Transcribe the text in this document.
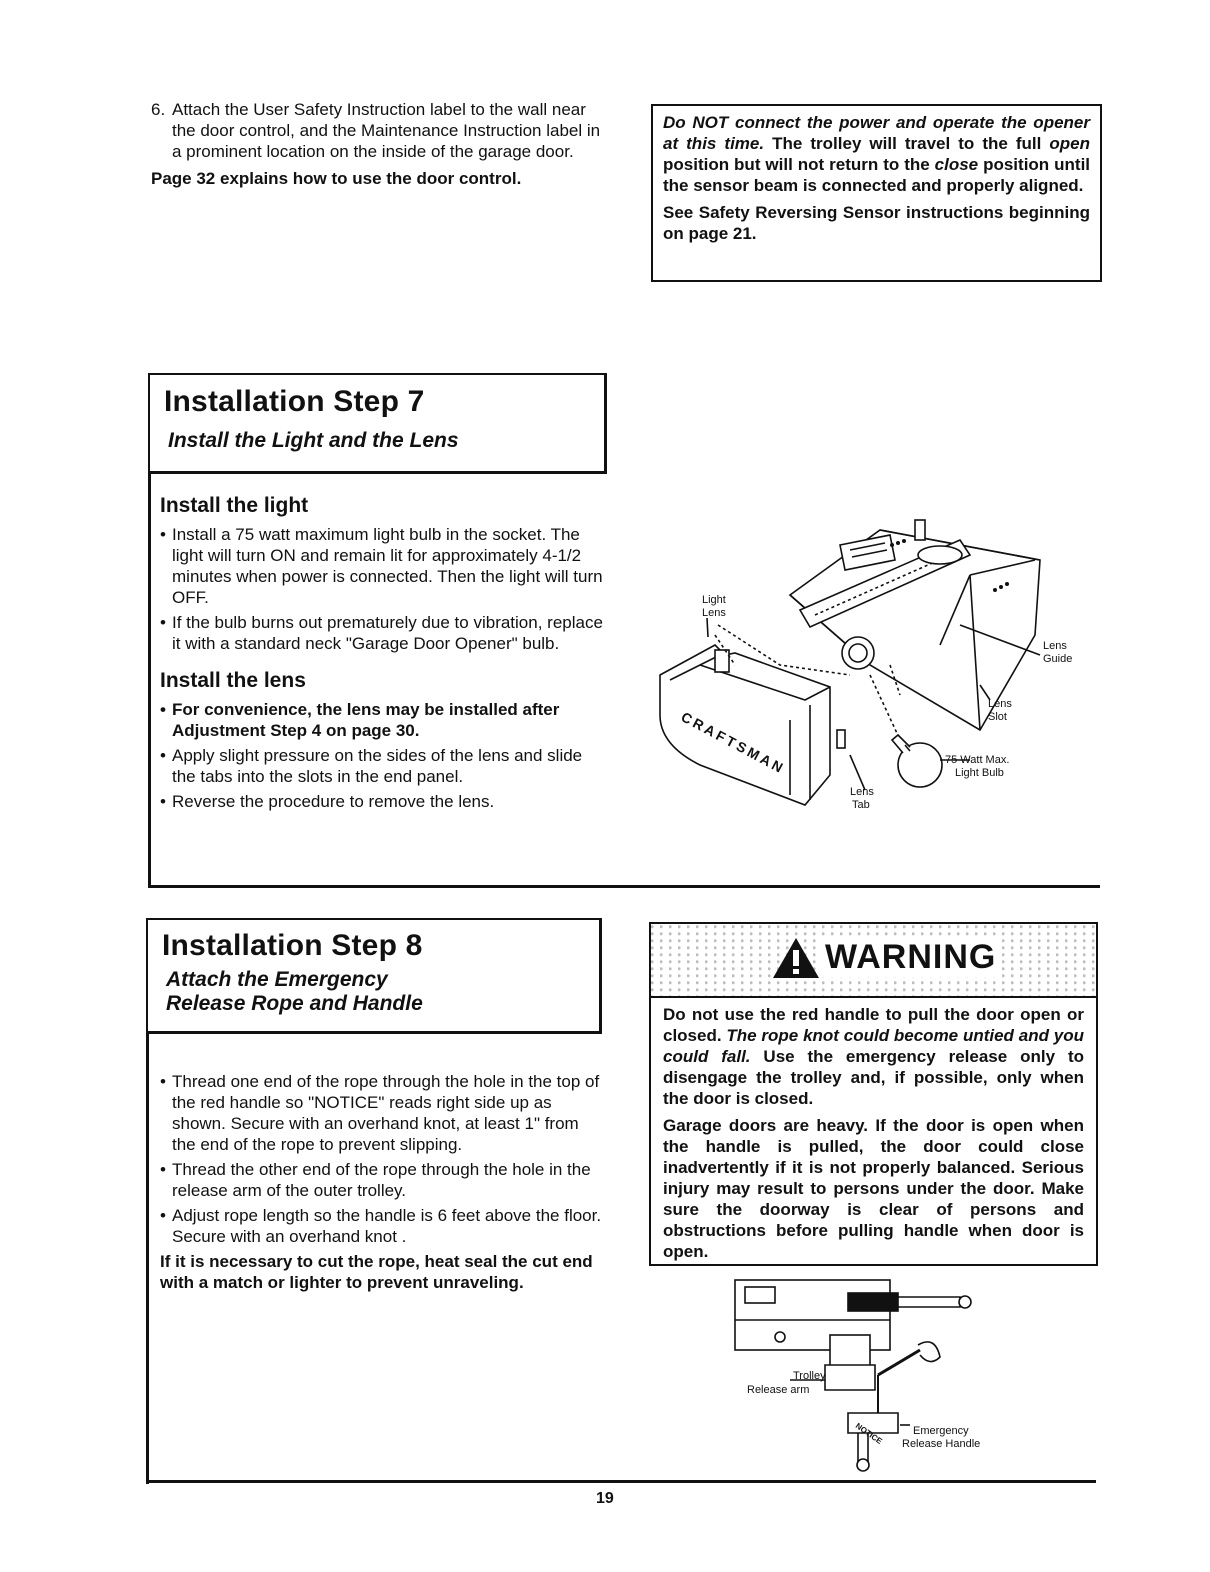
6. Attach the User Safety Instruction label to the wall near the door control, and the Maintenance Instruction label in a prominent location on the inside of the garage door.
Page 32 explains how to use the door control.
Do NOT connect the power and operate the opener at this time. The trolley will travel to the full open position but will not return to the close position until the sensor beam is connected and properly aligned.
See Safety Reversing Sensor instructions beginning on page 21.
Installation Step 7
Install the Light and the Lens
Install the light
• Install a 75 watt maximum light bulb in the socket. The light will turn ON and remain lit for approximately 4-1/2 minutes when power is connected. Then the light will turn OFF.
• If the bulb burns out prematurely due to vibration, replace it with a standard neck "Garage Door Opener" bulb.
Install the lens
• For convenience, the lens may be installed after Adjustment Step 4 on page 30.
• Apply slight pressure on the sides of the lens and slide the tabs into the slots in the end panel.
• Reverse the procedure to remove the lens.
Light
Lens
Lens
Guide
Lens
Slot
75 Watt Max.
Light Bulb
Lens
Tab
CRAFTSMAN
Installation Step 8
Attach the Emergency
Release Rope and Handle
• Thread one end of the rope through the hole in the top of the red handle so "NOTICE" reads right side up as shown. Secure with an overhand knot, at least 1" from the end of the rope to prevent slipping.
• Thread the other end of the rope through the hole in the release arm of the outer trolley.
• Adjust rope length so the handle is 6 feet above the floor. Secure with an overhand knot .
If it is necessary to cut the rope, heat seal the cut end with a match or lighter to prevent unraveling.
WARNING
Do not use the red handle to pull the door open or closed. The rope knot could become untied and you could fall. Use the emergency release only to disengage the trolley and, if possible, only when the door is closed.
Garage doors are heavy. If the door is open when the handle is pulled, the door could close inadvertently if it is not properly balanced. Serious injury may result to persons under the door. Make sure the doorway is clear of persons and obstructions before pulling handle when door is open.
NOTICE
Trolley
Release arm
Emergency
Release Handle
19
